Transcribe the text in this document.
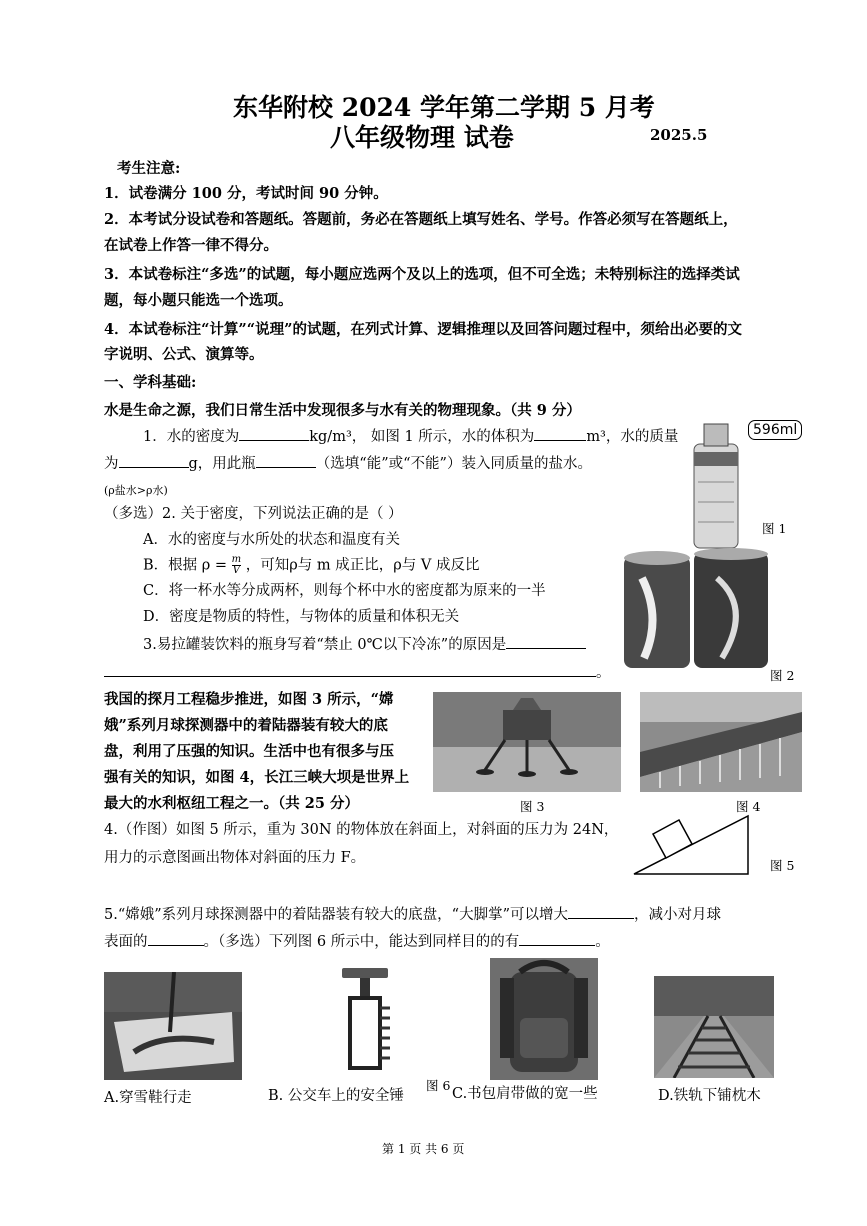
东华附校 2024 学年第二学期 5 月考
八年级物理 试卷	2025.5
考生注意:
1．试卷满分 100 分，考试时间 90 分钟。
2．本考试分设试卷和答题纸。答题前，务必在答题纸上填写姓名、学号。作答必须写在答题纸上，
在试卷上作答一律不得分。
3．本试卷标注“多选”的试题，每小题应选两个及以上的选项，但不可全选；未特别标注的选择类试
题，每小题只能选一个选项。
4．本试卷标注“计算”“说理”的试题，在列式计算、逻辑推理以及回答问题过程中，须给出必要的文
字说明、公式、演算等。
一、学科基础:
水是生命之源，我们日常生活中发现很多与水有关的物理现象。（共 9 分）
1．水的密度为	kg/m³， 如图 1 所示，水的体积为	m³，水的质量
为	g，用此瓶	（选填“能”或“不能”）装入同质量的盐水。
(ρ盐水>ρ水)
（多选）2. 关于密度，下列说法正确的是（ ）
A．水的密度与水所处的状态和温度有关
B．根据 $\rho = \frac{m}{V}$ ，可知ρ与 m 成正比，ρ与 V 成反比
C．将一杯水等分成两杯，则每个杯中水的密度都为原来的一半
D．密度是物质的特性，与物体的质量和体积无关
3.易拉罐装饮料的瓶身写着“禁止 0℃以下冷冻”的原因是
。
596ml
图 1
图 2
我国的探月工程稳步推进，如图 3 所示，“嫦
娥”系列月球探测器中的着陆器装有较大的底
盘，利用了压强的知识。生活中也有很多与压
强有关的知识，如图 4，长江三峡大坝是世界上
最大的水利枢纽工程之一。（共 25 分）	图 3	图 4
4.（作图）如图 5 所示，重为 30N 的物体放在斜面上，对斜面的压力为 24N，
用力的示意图画出物体对斜面的压力 F。	图 5
5.“嫦娥”系列月球探测器中的着陆器装有较大的底盘，“大脚掌”可以增大	，减小对月球
表面的	。（多选）下列图 6 所示中，能达到同样目的的有	。
图 6
A.穿雪鞋行走	B. 公交车上的安全锤	C.书包肩带做的宽一些	D.铁轨下铺枕木
第 1 页 共 6 页
